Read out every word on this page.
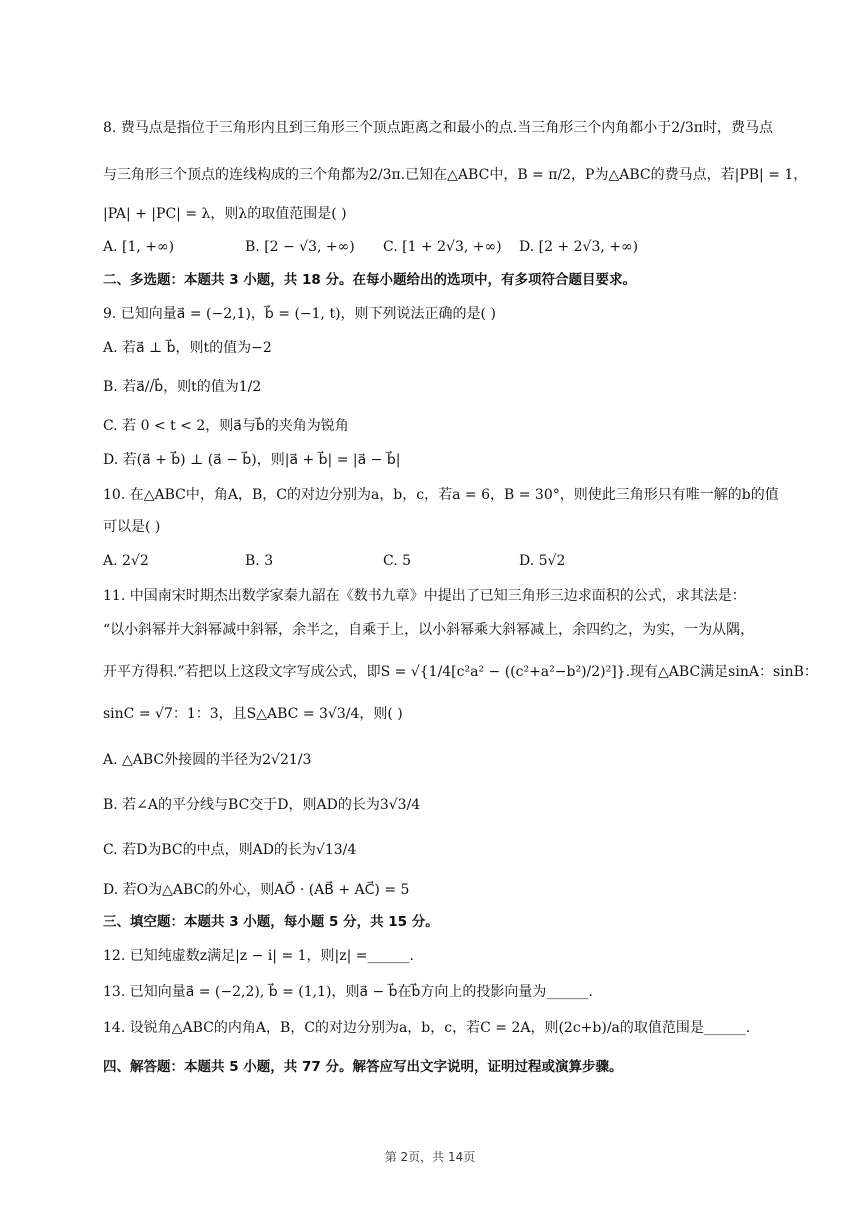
8. 费马点是指位于三角形内且到三角形三个顶点距离之和最小的点.当三角形三个内角都小于2/3π时，费马点
与三角形三个顶点的连线构成的三个角都为2/3π.已知在△ABC中，B = π/2，P为△ABC的费马点，若|PB| = 1，
|PA| + |PC| = λ，则λ的取值范围是( )
A. [1, +∞)	B. [2 − √3, +∞) C. [1 + 2√3, +∞) D. [2 + 2√3, +∞)
二、多选题：本题共 3 小题，共 18 分。在每小题给出的选项中，有多项符合题目要求。
9. 已知向量a⃗ = (−2,1)，b⃗ = (−1, t)，则下列说法正确的是( )
A. 若a⃗ ⊥ b⃗，则t的值为−2
B. 若a⃗//b⃗，则t的值为1/2
C. 若 0 < t < 2，则a⃗与b⃗的夹角为锐角
D. 若(a⃗ + b⃗) ⊥ (a⃗ − b⃗)，则|a⃗ + b⃗| = |a⃗ − b⃗|
10. 在△ABC中，角A，B，C的对边分别为a，b，c，若a = 6，B = 30°，则使此三角形只有唯一解的b的值
可以是( )
A. 2√2	B. 3	C. 5	D. 5√2
11. 中国南宋时期杰出数学家秦九韶在《数书九章》中提出了已知三角形三边求面积的公式，求其法是：
“以小斜幂并大斜幂减中斜幂，余半之，自乘于上，以小斜幂乘大斜幂减上，余四约之，为实，一为从隅，
开平方得积.”若把以上这段文字写成公式，即S = √{1/4[c²a² − ((c²+a²−b²)/2)²]}.现有△ABC满足sinA：sinB：
sinC = √7：1：3，且S△ABC = 3√3/4，则( )
A. △ABC外接圆的半径为2√21/3
B. 若∠A的平分线与BC交于D，则AD的长为3√3/4
C. 若D为BC的中点，则AD的长为√13/4
D. 若O为△ABC的外心，则AO⃗ · (AB⃗ + AC⃗) = 5
三、填空题：本题共 3 小题，每小题 5 分，共 15 分。
12. 已知纯虚数z满足|z − i| = 1，则|z| =______.
13. 已知向量a⃗ = (−2,2), b⃗ = (1,1)，则a⃗ − b⃗在b⃗方向上的投影向量为______.
14. 设锐角△ABC的内角A，B，C的对边分别为a，b，c，若C = 2A，则(2c+b)/a的取值范围是______.
四、解答题：本题共 5 小题，共 77 分。解答应写出文字说明，证明过程或演算步骤。
第 2页，共 14页
